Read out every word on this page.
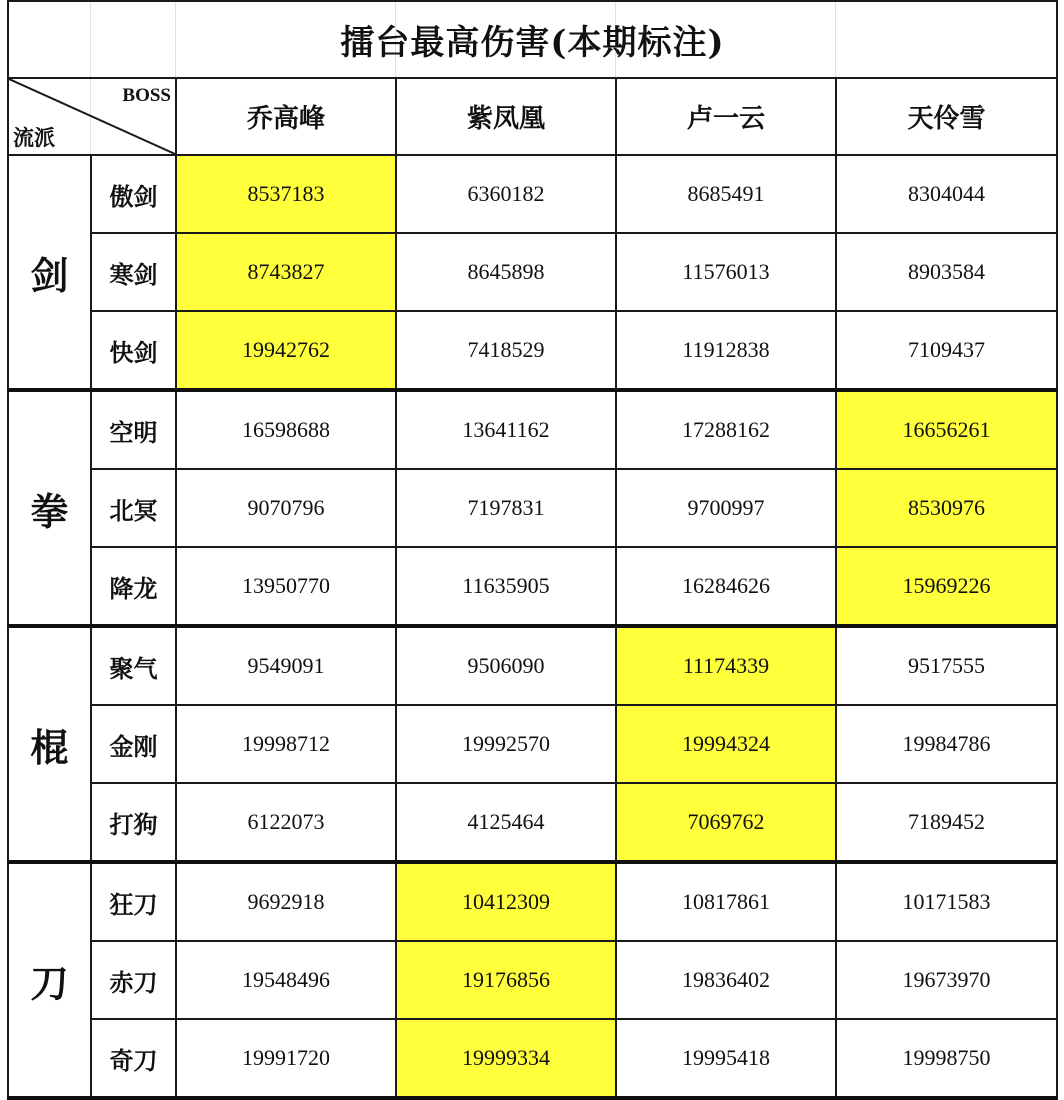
擂台最高伤害(本期标注)					

BOSS
流派		乔高峰	紫凤凰	卢一云	天伶雪
剑	傲剑	8537183	6360182	8685491	8304044
	寒剑	8743827	8645898	11576013	8903584
	快剑	19942762	7418529	11912838	7109437
拳	空明	16598688	13641162	17288162	16656261
	北冥	9070796	7197831	9700997	8530976
	降龙	13950770	11635905	16284626	15969226
棍	聚气	9549091	9506090	11174339	9517555
	金刚	19998712	19992570	19994324	19984786
	打狗	6122073	4125464	7069762	7189452
刀	狂刀	9692918	10412309	10817861	10171583
	赤刀	19548496	19176856	19836402	19673970
	奇刀	19991720	19999334	19995418	19998750
